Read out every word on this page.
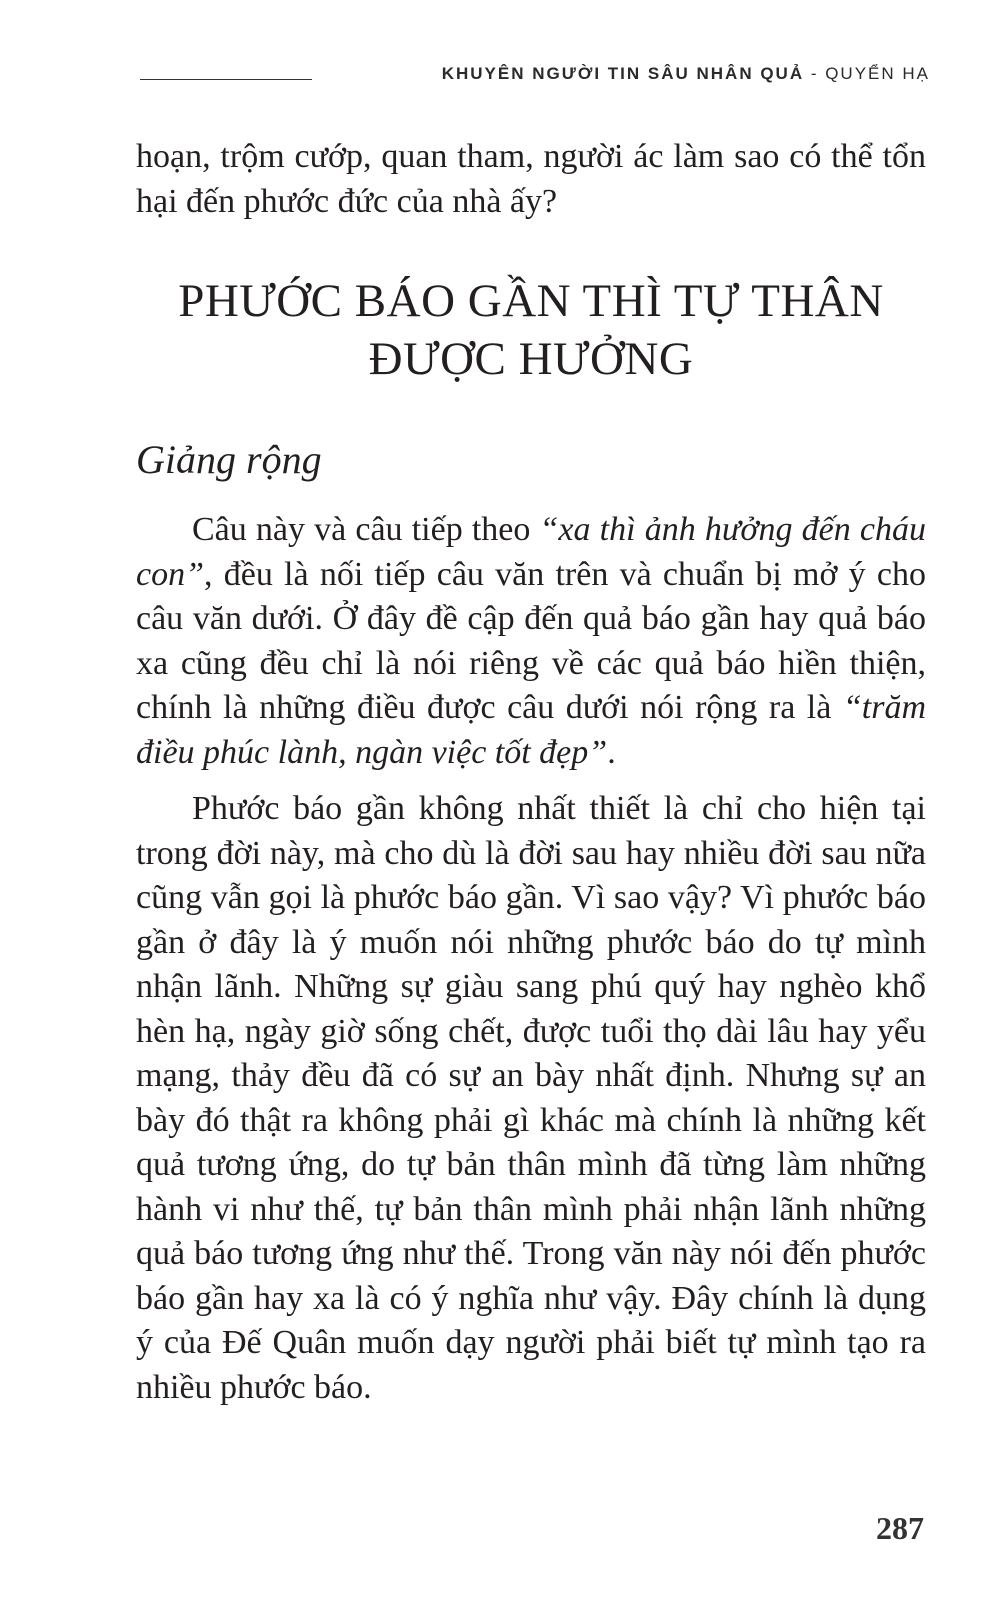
KHUYÊN NGƯỜI TIN SÂU NHÂN QUẢ - QUYỂN HẠ

hoạn, trộm cướp, quan tham, người ác làm sao có thể tổn hại đến phước đức của nhà ấy?

PHƯỚC BÁO GẦN THÌ TỰ THÂN
ĐƯỢC HƯỞNG
Giảng rộng

Câu này và câu tiếp theo “xa thì ảnh hưởng đến cháu con”, đều là nối tiếp câu văn trên và chuẩn bị mở ý cho câu văn dưới. Ở đây đề cập đến quả báo gần hay quả báo xa cũng đều chỉ là nói riêng về các quả báo hiền thiện, chính là những điều được câu dưới nói rộng ra là “trăm điều phúc lành, ngàn việc tốt đẹp”.

Phước báo gần không nhất thiết là chỉ cho hiện tại trong đời này, mà cho dù là đời sau hay nhiều đời sau nữa cũng vẫn gọi là phước báo gần. Vì sao vậy? Vì phước báo gần ở đây là ý muốn nói những phước báo do tự mình nhận lãnh. Những sự giàu sang phú quý hay nghèo khổ hèn hạ, ngày giờ sống chết, được tuổi thọ dài lâu hay yểu mạng, thảy đều đã có sự an bày nhất định. Nhưng sự an bày đó thật ra không phải gì khác mà chính là những kết quả tương ứng, do tự bản thân mình đã từng làm những hành vi như thế, tự bản thân mình phải nhận lãnh những quả báo tương ứng như thế. Trong văn này nói đến phước báo gần hay xa là có ý nghĩa như vậy. Đây chính là dụng ý của Đế Quân muốn dạy người phải biết tự mình tạo ra nhiều phước báo.

287
